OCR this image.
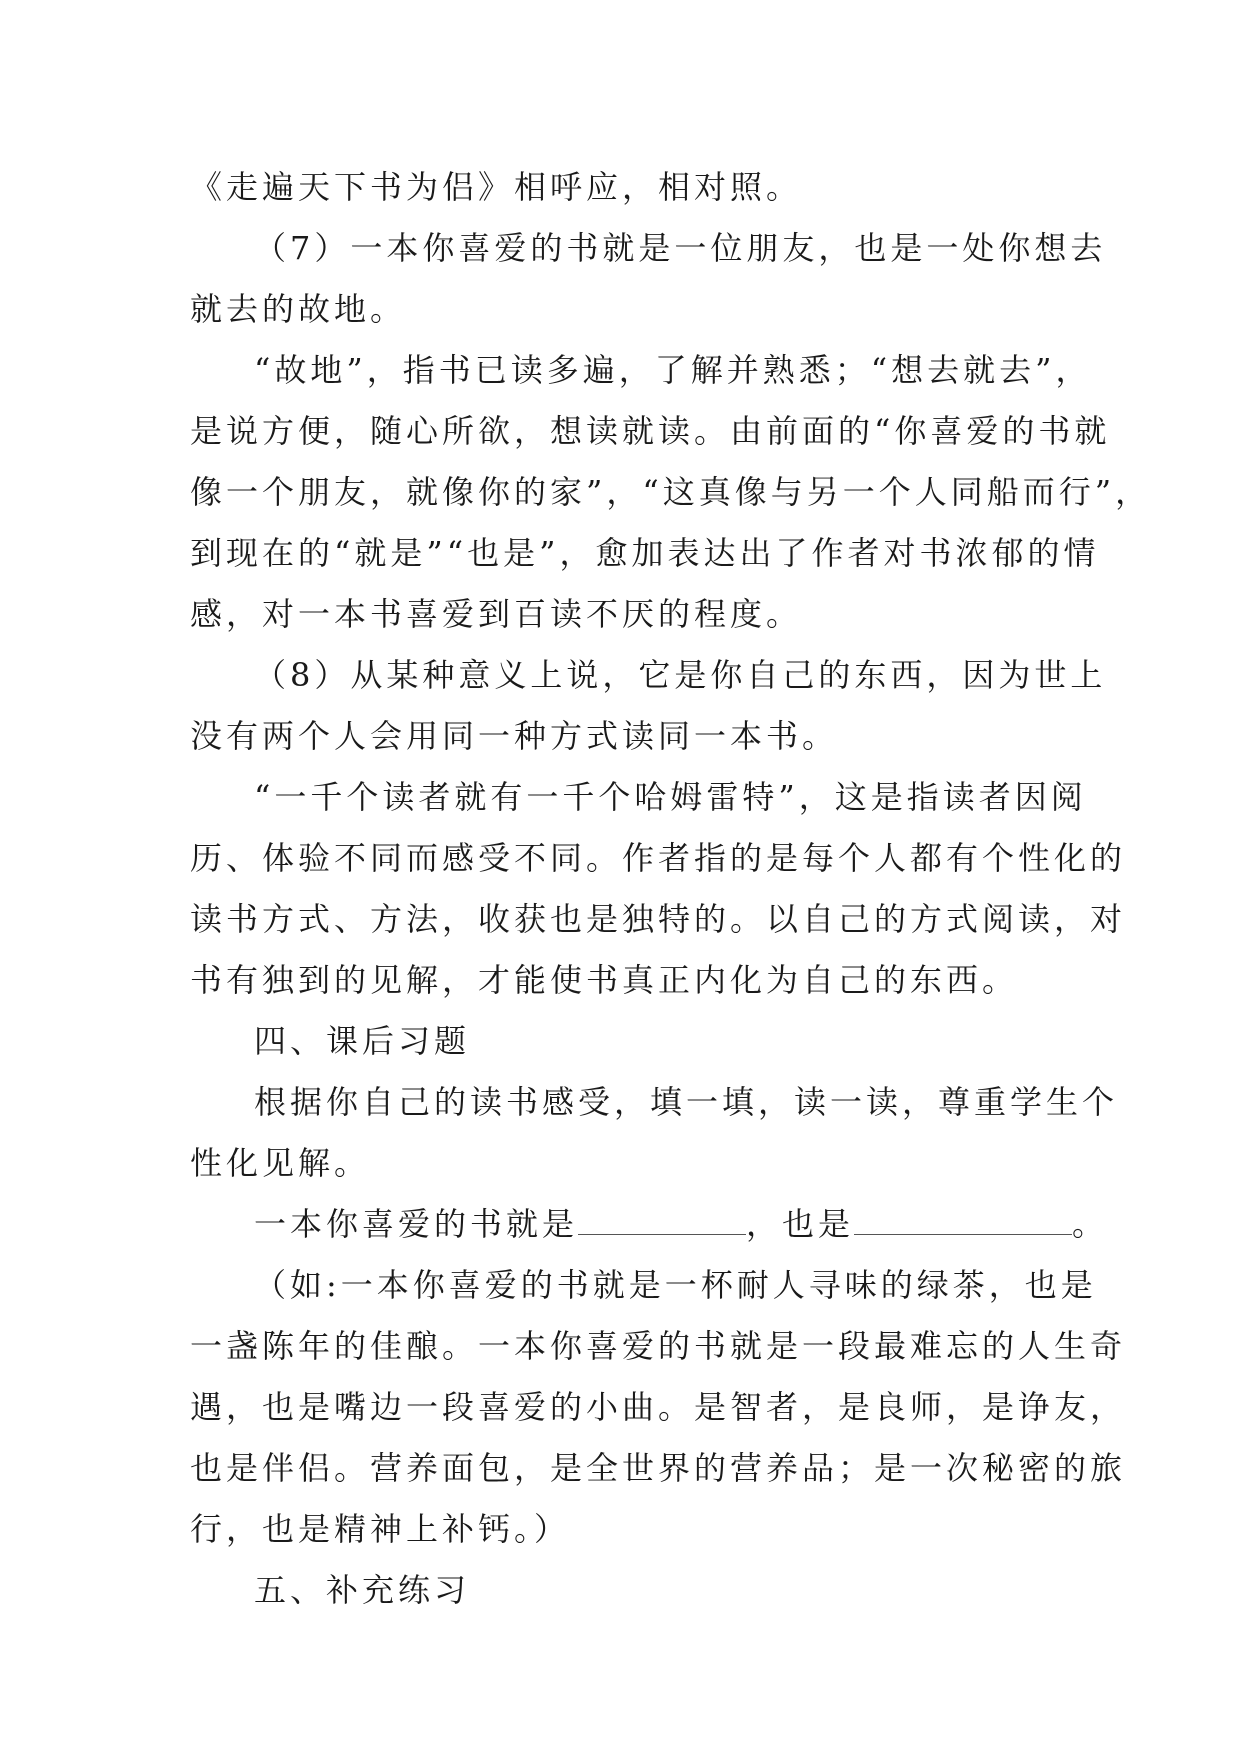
《走遍天下书为侣》相呼应，相对照。
（7）一本你喜爱的书就是一位朋友，也是一处你想去
就去的故地。
“故地”，指书已读多遍，了解并熟悉；“想去就去”，
是说方便，随心所欲，想读就读。由前面的“你喜爱的书就
像一个朋友，就像你的家”，“这真像与另一个人同船而行”，
到现在的“就是”“也是”，愈加表达出了作者对书浓郁的情
感，对一本书喜爱到百读不厌的程度。
（8）从某种意义上说，它是你自己的东西，因为世上
没有两个人会用同一种方式读同一本书。
“一千个读者就有一千个哈姆雷特”，这是指读者因阅
历、体验不同而感受不同。作者指的是每个人都有个性化的
读书方式、方法，收获也是独特的。以自己的方式阅读，对
书有独到的见解，才能使书真正内化为自己的东西。
四、课后习题
根据你自己的读书感受，填一填，读一读，尊重学生个
性化见解。
一本你喜爱的书就是	，也是	。
（如:一本你喜爱的书就是一杯耐人寻味的绿茶，也是
一盏陈年的佳酿。一本你喜爱的书就是一段最难忘的人生奇
遇，也是嘴边一段喜爱的小曲。是智者，是良师，是诤友，
也是伴侣。营养面包，是全世界的营养品；是一次秘密的旅
行，也是精神上补钙。）
五、补充练习
